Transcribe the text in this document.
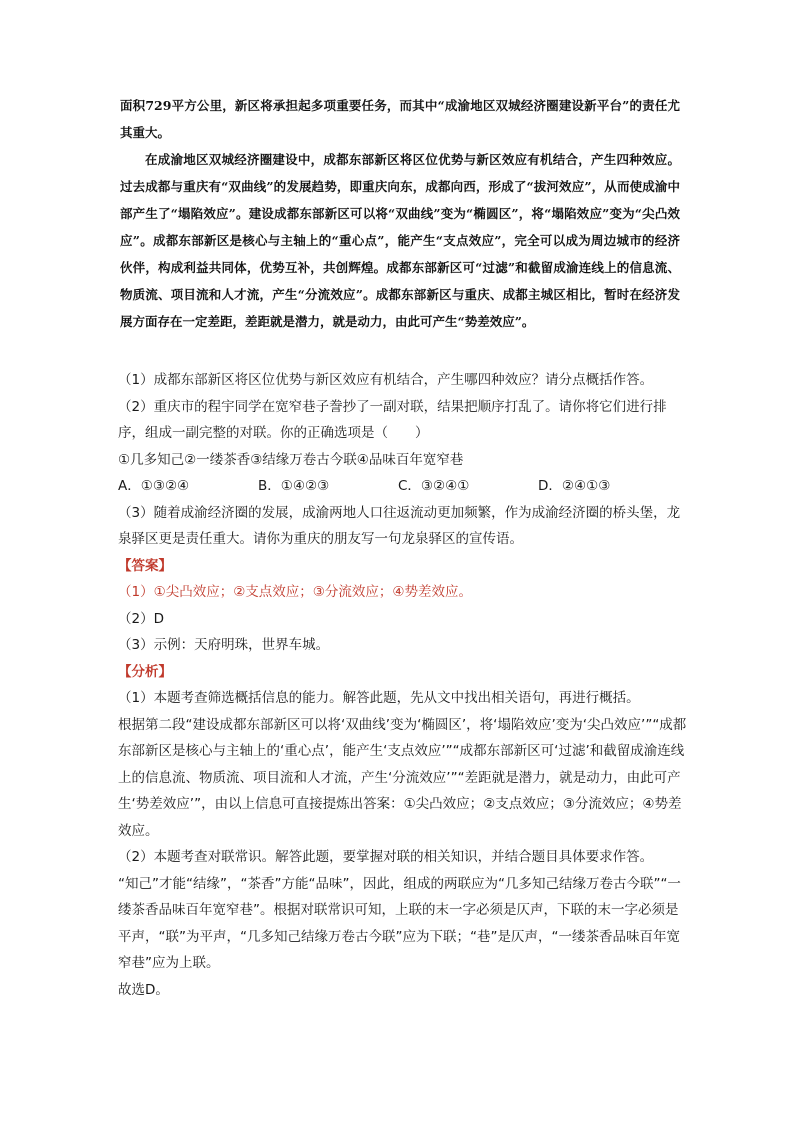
面积729平方公里，新区将承担起多项重要任务，而其中“成渝地区双城经济圈建设新平台”的责任尤其重大。

在成渝地区双城经济圈建设中，成都东部新区将区位优势与新区效应有机结合，产生四种效应。过去成都与重庆有“双曲线”的发展趋势，即重庆向东，成都向西，形成了“拔河效应”，从而使成渝中部产生了“塌陷效应”。建设成都东部新区可以将“双曲线”变为“椭圆区”，将“塌陷效应”变为“尖凸效应”。成都东部新区是核心与主轴上的“重心点”，能产生“支点效应”，完全可以成为周边城市的经济伙伴，构成利益共同体，优势互补，共创辉煌。成都东部新区可“过滤”和截留成渝连线上的信息流、物质流、项目流和人才流，产生“分流效应”。成都东部新区与重庆、成都主城区相比，暂时在经济发展方面存在一定差距，差距就是潜力，就是动力，由此可产生“势差效应”。

（1）成都东部新区将区位优势与新区效应有机结合，产生哪四种效应？请分点概括作答。

（2）重庆市的程宇同学在宽窄巷子誊抄了一副对联，结果把顺序打乱了。请你将它们进行排序，组成一副完整的对联。你的正确选项是（　　）

①几多知己②一缕茶香③结缘万卷古今联④品味百年宽窄巷

A．①③②④	B．①④②③	C．③②④①	D．②④①③

（3）随着成渝经济圈的发展，成渝两地人口往返流动更加频繁，作为成渝经济圈的桥头堡，龙泉驿区更是责任重大。请你为重庆的朋友写一句龙泉驿区的宣传语。

【答案】

（1）①尖凸效应；②支点效应；③分流效应；④势差效应。

（2）D

（3）示例：天府明珠，世界车城。

【分析】

（1）本题考查筛选概括信息的能力。解答此题，先从文中找出相关语句，再进行概括。

根据第二段“建设成都东部新区可以将‘双曲线’变为‘椭圆区’，将‘塌陷效应’变为‘尖凸效应’”“成都东部新区是核心与主轴上的‘重心点’，能产生‘支点效应’”“成都东部新区可‘过滤’和截留成渝连线上的信息流、物质流、项目流和人才流，产生‘分流效应’”“差距就是潜力，就是动力，由此可产生‘势差效应’”，由以上信息可直接提炼出答案：①尖凸效应；②支点效应；③分流效应；④势差效应。

（2）本题考查对联常识。解答此题，要掌握对联的相关知识，并结合题目具体要求作答。

“知己”才能“结缘”，“茶香”方能“品味”，因此，组成的两联应为“几多知己结缘万卷古今联”“一缕茶香品味百年宽窄巷”。根据对联常识可知，上联的末一字必须是仄声，下联的末一字必须是平声，“联”为平声，“几多知己结缘万卷古今联”应为下联；“巷”是仄声，“一缕茶香品味百年宽窄巷”应为上联。

故选D。
